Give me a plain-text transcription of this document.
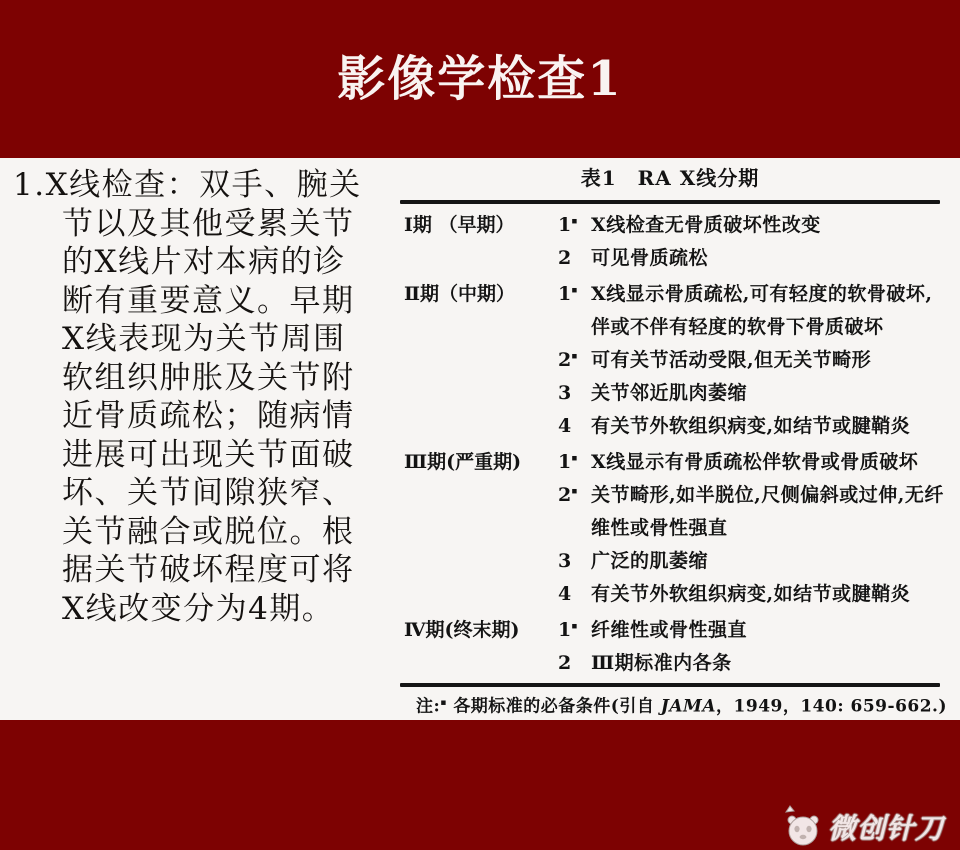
影像学检查1
1.X线检查：双手、腕关
节以及其他受累关节
的X线片对本病的诊
断有重要意义。早期
X线表现为关节周围
软组织肿胀及关节附
近骨质疏松；随病情
进展可出现关节面破
坏、关节间隙狭窄、
关节融合或脱位。根
据关节破坏程度可将
X线改变分为4期。
表1　RA X线分期
Ⅰ期 （早期）	1▪ X线检查无骨质破坏性改变
2	可见骨质疏松
Ⅱ期（中期）	1▪ X线显示骨质疏松,可有轻度的软骨破坏,
伴或不伴有轻度的软骨下骨质破坏
2▪ 可有关节活动受限,但无关节畸形
3	关节邻近肌肉萎缩
4	有关节外软组织病变,如结节或腱鞘炎
Ⅲ期(严重期)	1▪ X线显示有骨质疏松伴软骨或骨质破坏
2▪ 关节畸形,如半脱位,尺侧偏斜或过伸,无纤
维性或骨性强直
3	广泛的肌萎缩
4	有关节外软组织病变,如结节或腱鞘炎
Ⅳ期(终末期)	1▪ 纤维性或骨性强直
2	Ⅲ期标准内各条
注:▪ 各期标准的必备条件(引自 JAMA，1949，140: 659-662.)
微创针刀
